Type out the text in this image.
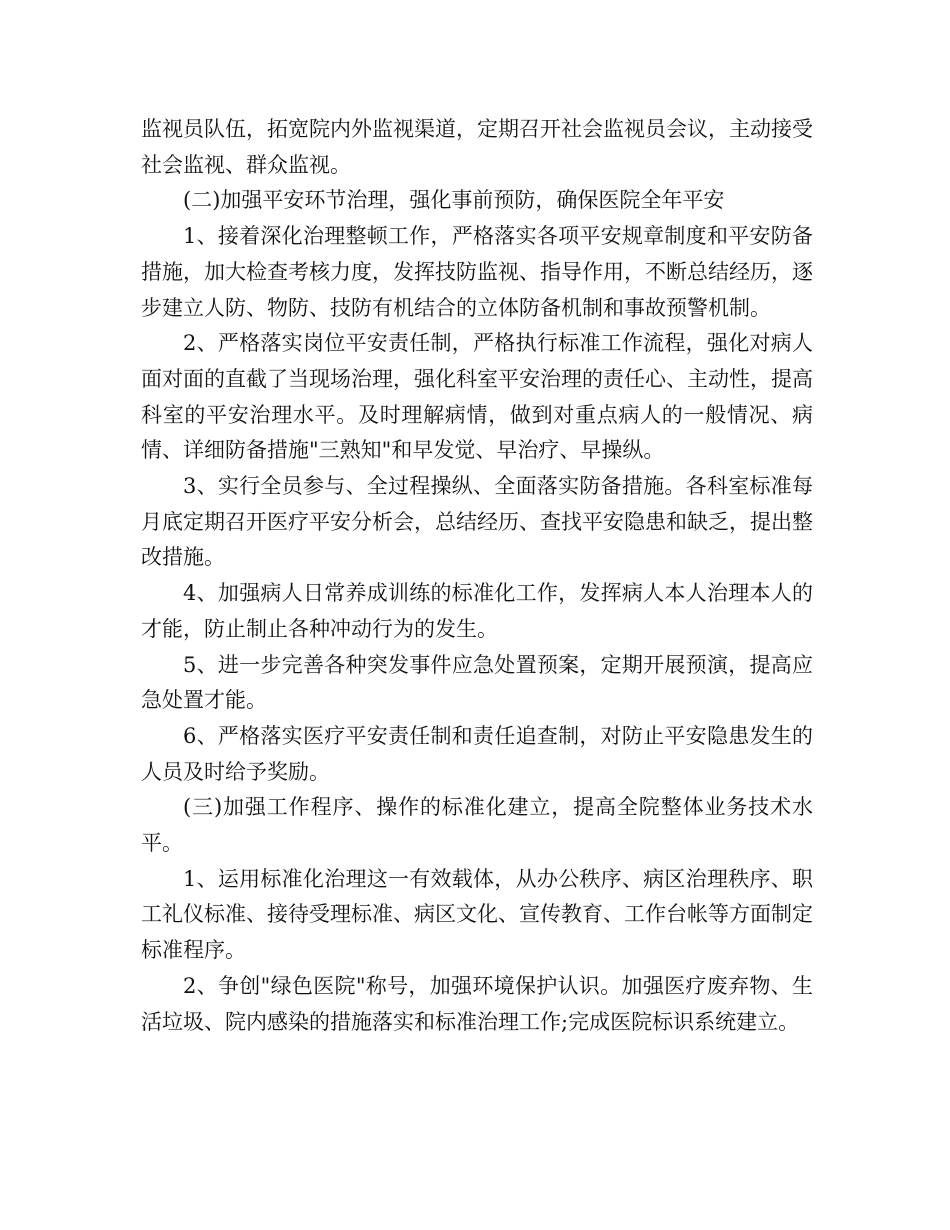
监视员队伍，拓宽院内外监视渠道，定期召开社会监视员会议，主动接受社会监视、群众监视。

(二)加强平安环节治理，强化事前预防，确保医院全年平安

1、接着深化治理整顿工作，严格落实各项平安规章制度和平安防备措施，加大检查考核力度，发挥技防监视、指导作用，不断总结经历，逐步建立人防、物防、技防有机结合的立体防备机制和事故预警机制。

2、严格落实岗位平安责任制，严格执行标准工作流程，强化对病人面对面的直截了当现场治理，强化科室平安治理的责任心、主动性，提高科室的平安治理水平。及时理解病情，做到对重点病人的一般情况、病情、详细防备措施"三熟知"和早发觉、早治疗、早操纵。

3、实行全员参与、全过程操纵、全面落实防备措施。各科室标准每月底定期召开医疗平安分析会，总结经历、查找平安隐患和缺乏，提出整改措施。

4、加强病人日常养成训练的标准化工作，发挥病人本人治理本人的才能，防止制止各种冲动行为的发生。

5、进一步完善各种突发事件应急处置预案，定期开展预演，提高应急处置才能。

6、严格落实医疗平安责任制和责任追查制，对防止平安隐患发生的人员及时给予奖励。

(三)加强工作程序、操作的标准化建立，提高全院整体业务技术水平。

1、运用标准化治理这一有效载体，从办公秩序、病区治理秩序、职工礼仪标准、接待受理标准、病区文化、宣传教育、工作台帐等方面制定标准程序。

2、争创"绿色医院"称号，加强环境保护认识。加强医疗废弃物、生活垃圾、院内感染的措施落实和标准治理工作;完成医院标识系统建立。
